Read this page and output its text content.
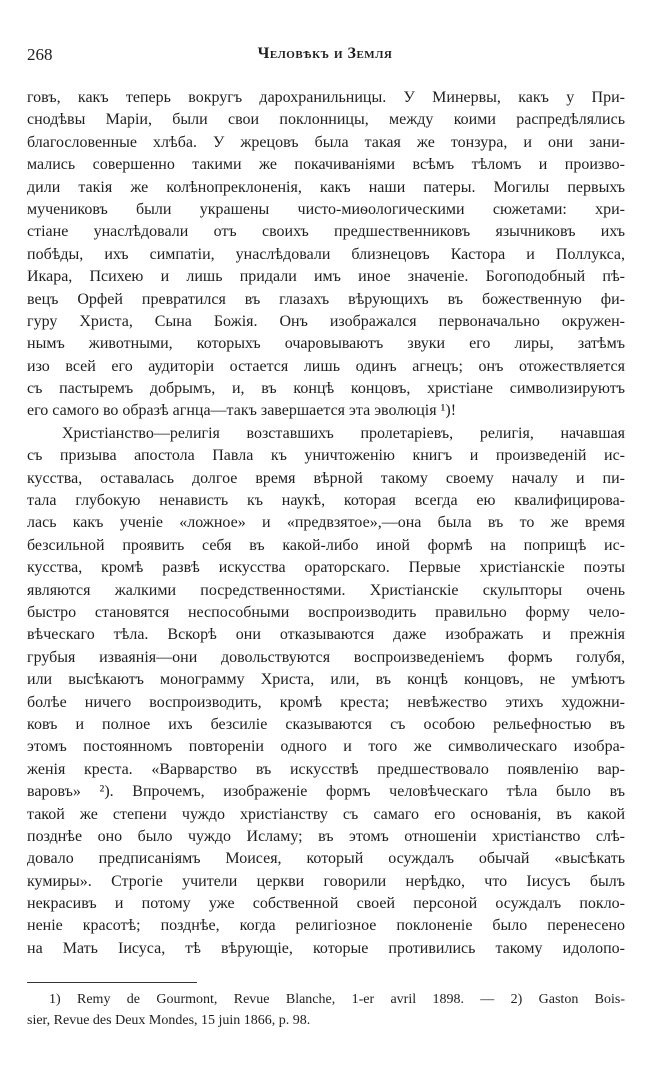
268	Человѣкъ и Земля
говъ, какъ теперь вокругъ дарохранильницы. У Минервы, какъ у При-
снодѣвы Маріи, были свои поклонницы, между коими распредѣлялись
благословенные хлѣба. У жрецовъ была такая же тонзура, и они зани-
мались совершенно такими же покачиваніями всѣмъ тѣломъ и произво-
дили такія же колѣнопреклоненія, какъ наши патеры. Могилы первыхъ
мучениковъ были украшены чисто-миѳологическими сюжетами: хри-
стіане унаслѣдовали отъ своихъ предшественниковъ язычниковъ ихъ
побѣды, ихъ симпатіи, унаслѣдовали близнецовъ Кастора и Поллукса,
Икара, Психею и лишь придали имъ иное значеніе. Богоподобный пѣ-
вецъ Орфей превратился въ глазахъ вѣрующихъ въ божественную фи-
гуру Христа, Сына Божія. Онъ изображался первоначально окружен-
нымъ животными, которыхъ очаровываютъ звуки его лиры, затѣмъ
изо всей его аудиторіи остается лишь одинъ агнецъ; онъ отожествляется
съ пастыремъ добрымъ, и, въ концѣ концовъ, христіане символизируютъ
его самого во образѣ агнца—такъ завершается эта эволюція ¹)!
Христіанство—религія возставшихъ пролетаріевъ, религія, начавшая
съ призыва апостола Павла къ уничтоженію книгъ и произведеній ис-
кусства, оставалась долгое время вѣрной такому своему началу и пи-
тала глубокую ненависть къ наукѣ, которая всегда ею квалифицирова-
лась какъ ученіе «ложное» и «предвзятое»,—она была въ то же время
безсильной проявить себя въ какой-либо иной формѣ на поприщѣ ис-
кусства, кромѣ развѣ искусства ораторскаго. Первые христіанскіе поэты
являются жалкими посредственностями. Христіанскіе скульпторы очень
быстро становятся неспособными воспроизводить правильно форму чело-
вѣческаго тѣла. Вскорѣ они отказываются даже изображать и прежнія
грубыя изваянія—они довольствуются воспроизведеніемъ формъ голубя,
или высѣкаютъ монограмму Христа, или, въ концѣ концовъ, не умѣютъ
болѣе ничего воспроизводить, кромѣ креста; невѣжество этихъ художни-
ковъ и полное ихъ безсиліе сказываются съ особою рельефностью въ
этомъ постоянномъ повтореніи одного и того же символическаго изобра-
женія креста. «Варварство въ искусствѣ предшествовало появленію вар-
варовъ» ²). Впрочемъ, изображеніе формъ человѣческаго тѣла было въ
такой же степени чуждо христіанству съ самаго его основанія, въ какой
позднѣе оно было чуждо Исламу; въ этомъ отношеніи христіанство слѣ-
довало предписаніямъ Моисея, который осуждалъ обычай «высѣкать
кумиры». Строгіе учители церкви говорили нерѣдко, что Іисусъ былъ
некрасивъ и потому уже собственной своей персоной осуждалъ покло-
неніе красотѣ; позднѣе, когда религіозное поклоненіе было перенесено
на Мать Іисуса, тѣ вѣрующіе, которые противились такому идолопо-
1) Remy de Gourmont, Revue Blanche, 1-er avril 1898. — 2) Gaston Bois-
sier, Revue des Deux Mondes, 15 juin 1866, p. 98.
